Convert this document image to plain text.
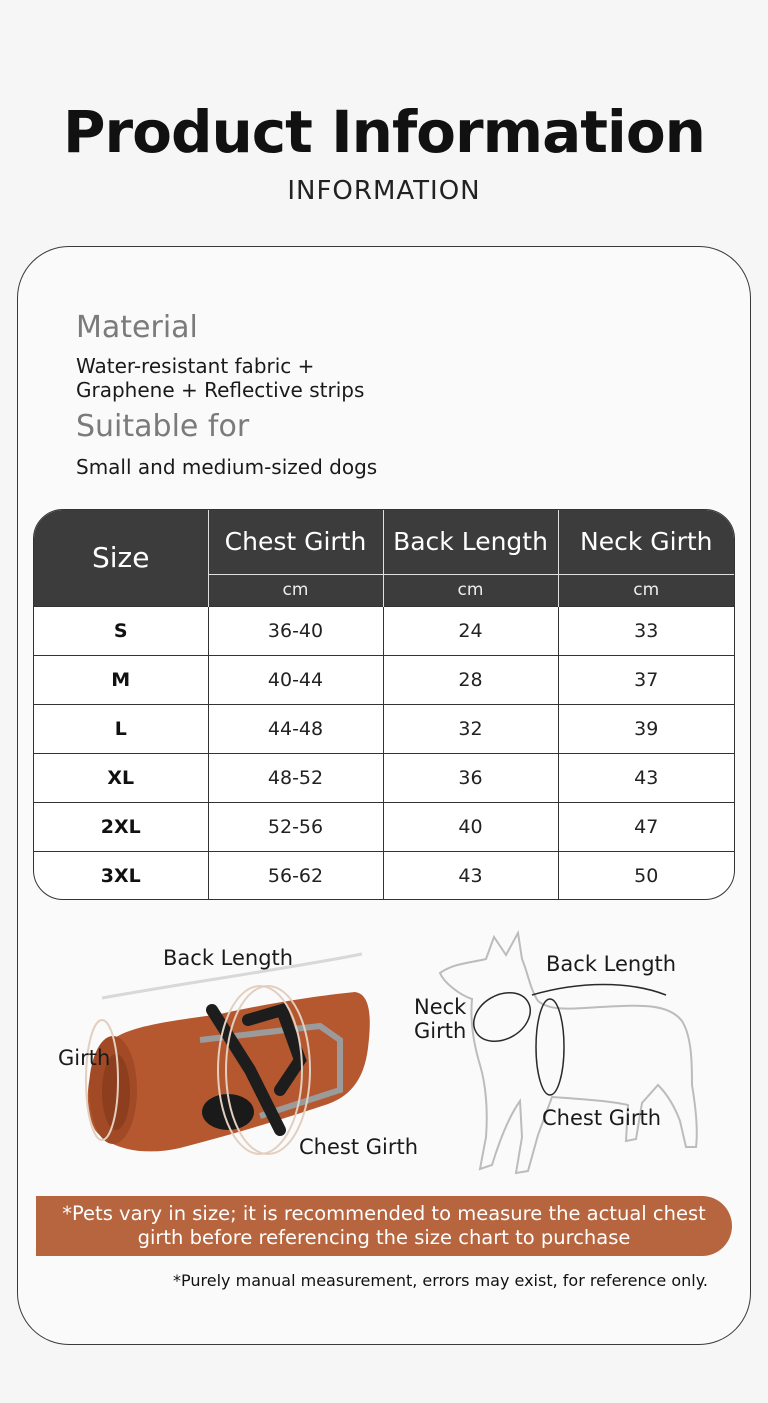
Product Information
INFORMATION
Material
Water-resistant fabric +
Graphene + Reflective strips
Suitable for
Small and medium-sized dogs
Size	Chest Girth	Back Length	Neck Girth
	cm	cm	cm
S	36-40	24	33
M	40-44	28	37
L	44-48	32	39
XL	48-52	36	43
2XL	52-56	40	47
3XL	56-62	43	50
Back Length
Girth
Chest Girth
Back Length
Neck
Girth
Chest Girth
*Pets vary in size; it is recommended to measure the actual chest
girth before referencing the size chart to purchase
*Purely manual measurement, errors may exist, for reference only.
